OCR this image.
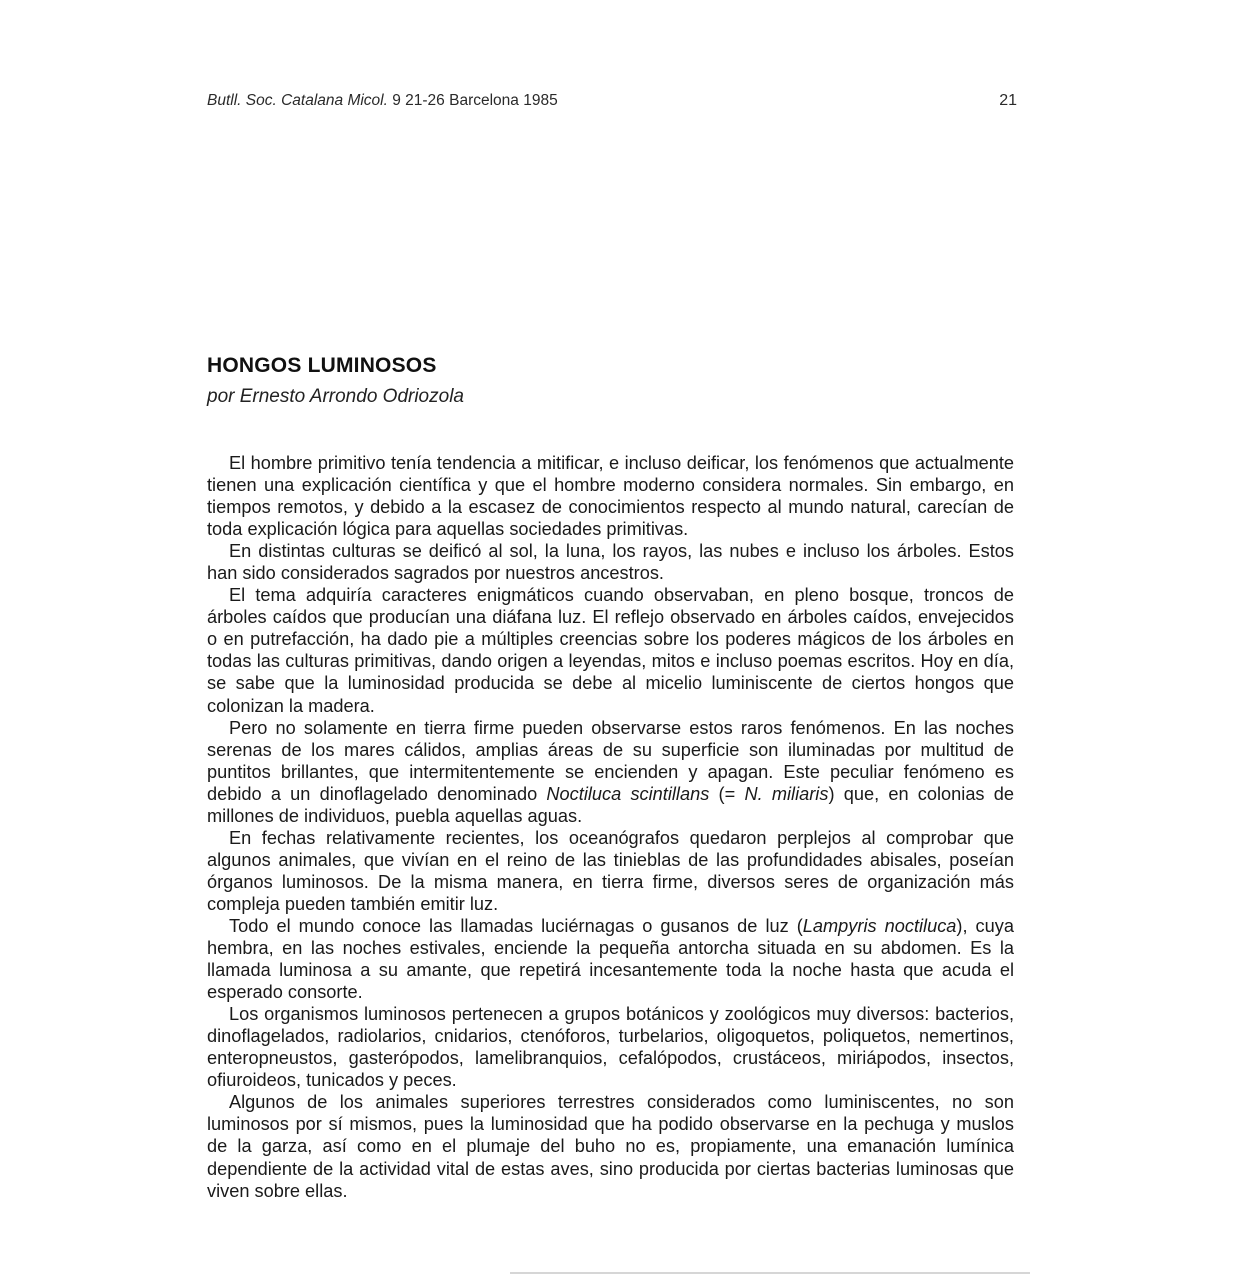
Butll. Soc. Catalana Micol. 9 21-26 Barcelona 1985	21
HONGOS LUMINOSOS

por Ernesto Arrondo Odriozola

El hombre primitivo tenía tendencia a mitificar, e incluso deificar, los fenómenos que actualmente tienen una explicación científica y que el hombre moderno considera normales. Sin embargo, en tiempos remotos, y debido a la escasez de conocimientos respecto al mundo natural, carecían de toda explicación lógica para aquellas sociedades primitivas.

En distintas culturas se deificó al sol, la luna, los rayos, las nubes e incluso los árboles. Estos han sido considerados sagrados por nuestros ancestros.

El tema adquiría caracteres enigmáticos cuando observaban, en pleno bosque, troncos de árboles caídos que producían una diáfana luz. El reflejo observado en árboles caídos, envejecidos o en putrefacción, ha dado pie a múltiples creencias sobre los poderes mágicos de los árboles en todas las culturas primitivas, dando origen a leyendas, mitos e incluso poemas escritos. Hoy en día, se sabe que la luminosidad producida se debe al micelio luminiscente de ciertos hongos que colonizan la madera.

Pero no solamente en tierra firme pueden observarse estos raros fenómenos. En las noches serenas de los mares cálidos, amplias áreas de su superficie son iluminadas por multitud de puntitos brillantes, que intermitentemente se encienden y apagan. Este peculiar fenómeno es debido a un dinoflagelado denominado Noctiluca scintillans (= N. miliaris) que, en colonias de millones de individuos, puebla aquellas aguas.

En fechas relativamente recientes, los oceanógrafos quedaron perplejos al comprobar que algunos animales, que vivían en el reino de las tinieblas de las profundidades abisales, poseían órganos luminosos. De la misma manera, en tierra firme, diversos seres de organización más compleja pueden también emitir luz.

Todo el mundo conoce las llamadas luciérnagas o gusanos de luz (Lampyris noctiluca), cuya hembra, en las noches estivales, enciende la pequeña antorcha situada en su abdomen. Es la llamada luminosa a su amante, que repetirá incesantemente toda la noche hasta que acuda el esperado consorte.

Los organismos luminosos pertenecen a grupos botánicos y zoológicos muy diversos: bacterios, dinoflagelados, radiolarios, cnidarios, ctenóforos, turbelarios, oligoquetos, poliquetos, nemertinos, enteropneustos, gasterópodos, lamelibranquios, cefalópodos, crustáceos, miriápodos, insectos, ofiuroideos, tunicados y peces.

Algunos de los animales superiores terrestres considerados como luminiscentes, no son luminosos por sí mismos, pues la luminosidad que ha podido observarse en la pechuga y muslos de la garza, así como en el plumaje del buho no es, propiamente, una emanación lumínica dependiente de la actividad vital de estas aves, sino producida por ciertas bacterias luminosas que viven sobre ellas.
